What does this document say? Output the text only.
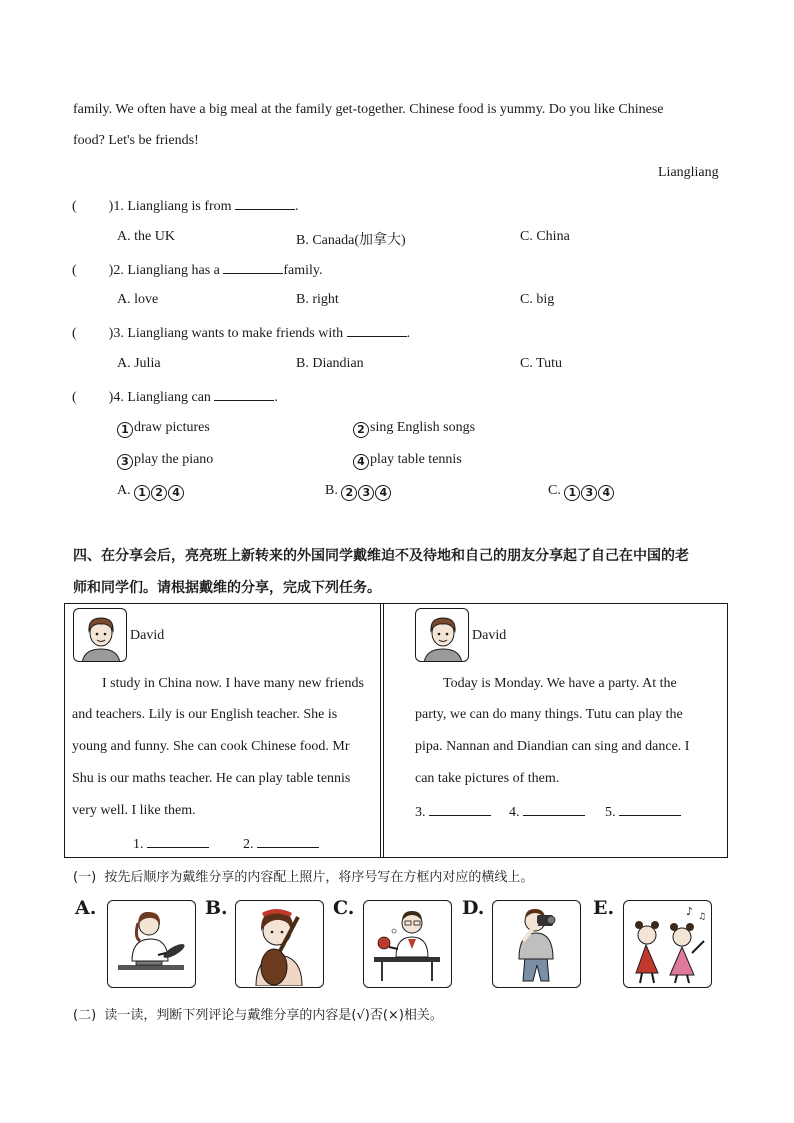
family. We often have a big meal at the family get-together. Chinese food is yummy. Do you like Chinese
food? Let's be friends!
Liangliang
( )1. Liangliang is from	.
A. the UK	B. Canada(加拿大)	C. China
( )2. Liangliang has a	family.
A. love	B. right	C. big
( )3. Liangliang wants to make friends with	.
A. Julia	B. Diandian	C. Tutu
( )4. Liangliang can	.
1 draw pictures	2 sing English songs
3 play the piano	4 play table tennis
A. 1 2 4	B. 2 3 4	C. 1 3 4
四、在分享会后，亮亮班上新转来的外国同学戴维迫不及待地和自己的朋友分享起了自己在中国的老
师和同学们。请根据戴维的分享，完成下列任务。
David	David
I study in China now. I have many new friends
and teachers. Lily is our English teacher. She is
young and funny. She can cook Chinese food. Mr
Shu is our maths teacher. He can play table tennis
very well. I like them.
1.	2.
Today is Monday. We have a party. At the
party, we can do many things. Tutu can play the
pipa. Nannan and Diandian can sing and dance. I
can take pictures of them.
3.	4.	5.
(一) 按先后顺序为戴维分享的内容配上照片，将序号写在方框内对应的横线上。
A.	B.	C.	D.	E.	♪ ♫
(二) 读一读，判断下列评论与戴维分享的内容是(√)否(×)相关。
